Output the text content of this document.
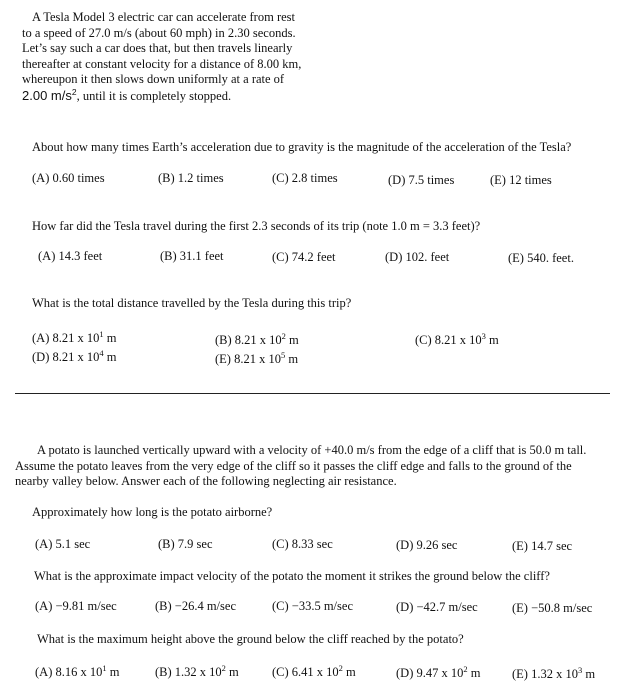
A Tesla Model 3 electric car can accelerate from rest
to a speed of 27.0 m/s (about 60 mph) in 2.30 seconds.
Let’s say such a car does that, but then travels linearly
thereafter at constant velocity for a distance of 8.00 km,
whereupon it then slows down uniformly at a rate of
2.00 $m/s^2$, until it is completely stopped.
About how many times Earth’s acceleration due to gravity is the magnitude of the acceleration of the Tesla?
(A) 0.60 times	(B) 1.2 times	(C) 2.8 times	(D) 7.5 times	(E) 12 times
How far did the Tesla travel during the first 2.3 seconds of its trip (note 1.0 m = 3.3 feet)?
(A) 14.3 feet	(B) 31.1 feet	(C) 74.2 feet	(D) 102. feet	(E) 540. feet.
What is the total distance travelled by the Tesla during this trip?
(A) 8.21 x $10^1$ m	(B) 8.21 x $10^2$ m	(C) 8.21 x $10^3$ m
(D) 8.21 x $10^4$ m	(E) 8.21 x $10^5$ m
A potato is launched vertically upward with a velocity of +40.0 m/s from the edge of a cliff that is 50.0 m tall.
Assume the potato leaves from the very edge of the cliff so it passes the cliff edge and falls to the ground of the
nearby valley below. Answer each of the following neglecting air resistance.
Approximately how long is the potato airborne?
(A) 5.1 sec	(B) 7.9 sec	(C) 8.33 sec	(D) 9.26 sec	(E) 14.7 sec
What is the approximate impact velocity of the potato the moment it strikes the ground below the cliff?
(A) −9.81 m/sec	(B) −26.4 m/sec	(C) −33.5 m/sec	(D) −42.7 m/sec	(E) −50.8 m/sec
What is the maximum height above the ground below the cliff reached by the potato?
(A) 8.16 x $10^1$ m	(B) 1.32 x $10^2$ m	(C) 6.41 x $10^2$ m	(D) 9.47 x $10^2$ m	(E) 1.32 x $10^3$ m
